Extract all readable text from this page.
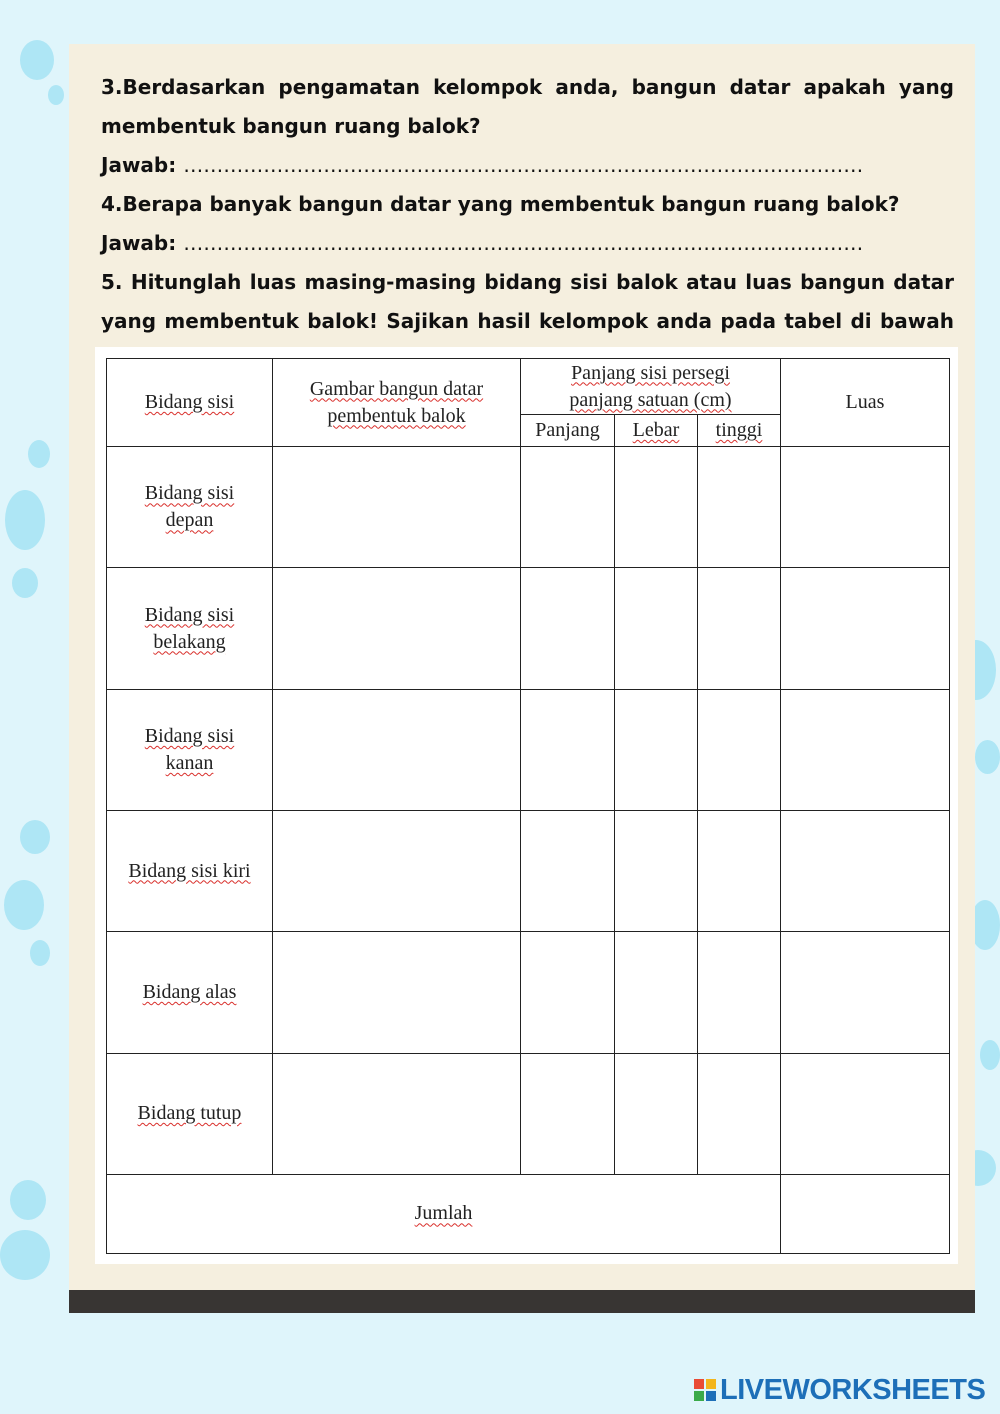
3.Berdasarkan pengamatan kelompok anda, bangun datar apakah yang membentuk bangun ruang balok?
Jawab: …………………………………………………………………………………………
4.Berapa banyak bangun datar yang membentuk bangun ruang balok?
Jawab: …………………………………………………………………………………………
5. Hitunglah luas masing-masing bidang sisi balok atau luas bangun datar yang membentuk balok! Sajikan hasil kelompok anda pada tabel di bawah
Bidang sisi	Gambar bangun datar pembentuk balok	Panjang sisi persegi panjang satuan (cm)			Luas
		Panjang	Lebar	tinggi	
Bidang sisi depan					
Bidang sisi belakang					
Bidang sisi kanan					
Bidang sisi kiri					
Bidang alas					
Bidang tutup					
Jumlah					
LIVEWORKSHEETS
